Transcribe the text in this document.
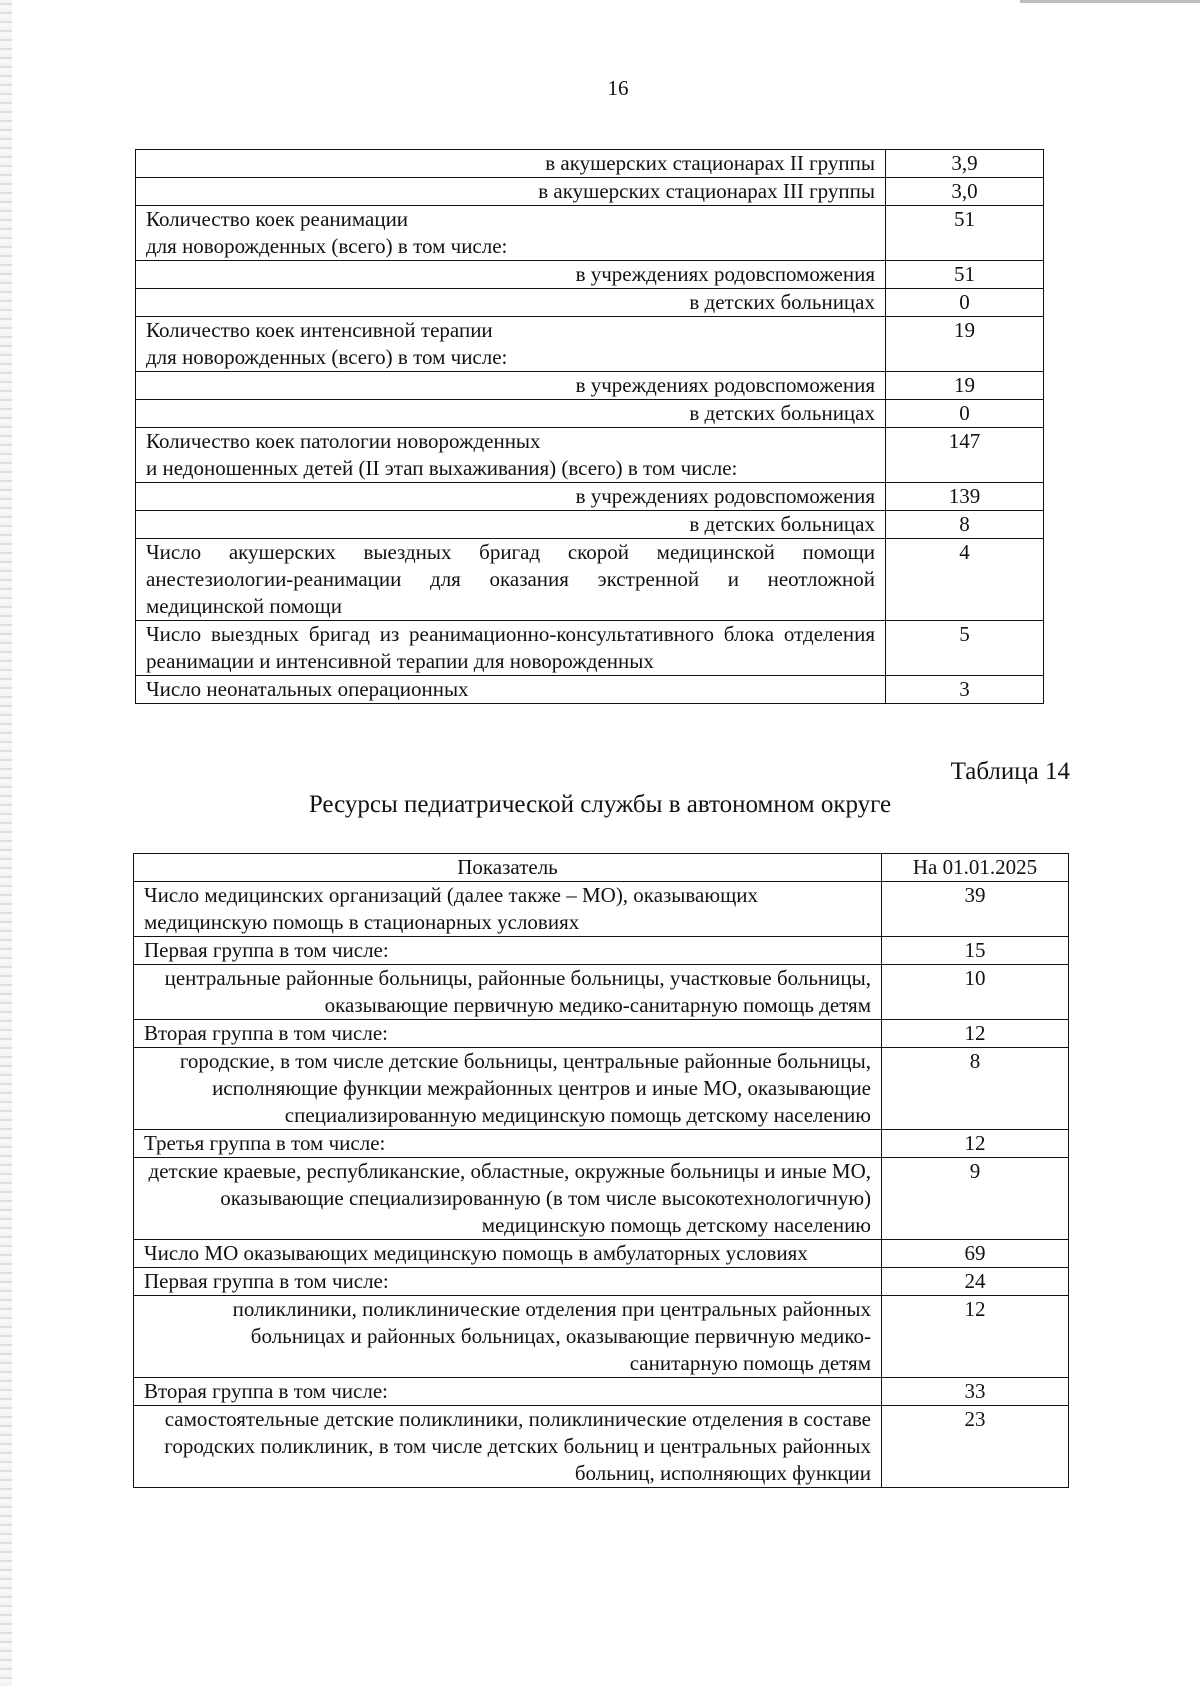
16
в акушерских стационарах II группы	3,9
в акушерских стационарах III группы	3,0
Количество коек реанимации
для новорожденных (всего) в том числе:	51
в учреждениях родовспоможения	51
в детских больницах	0
Количество коек интенсивной терапии
для новорожденных (всего) в том числе:	19
в учреждениях родовспоможения	19
в детских больницах	0
Количество коек патологии новорожденных
и недоношенных детей (II этап выхаживания) (всего) в том числе:	147
в учреждениях родовспоможения	139
в детских больницах	8
Число акушерских выездных бригад скорой медицинской помощи анестезиологии-реанимации для оказания экстренной и неотложной медицинской помощи	4
Число выездных бригад из реанимационно-консультативного блока отделения реанимации и интенсивной терапии для новорожденных	5
Число неонатальных операционных	3
Таблица 14
Ресурсы педиатрической службы в автономном округе
Показатель	На 01.01.2025
Число медицинских организаций (далее также – МО), оказывающих медицинскую помощь в стационарных условиях	39
Первая группа в том числе:	15
центральные районные больницы, районные больницы, участковые больницы, оказывающие первичную медико-санитарную помощь детям	10
Вторая группа в том числе:	12
городские, в том числе детские больницы, центральные районные больницы, исполняющие функции межрайонных центров и иные МО, оказывающие специализированную медицинскую помощь детскому населению	8
Третья группа в том числе:	12
детские краевые, республиканские, областные, окружные больницы и иные МО, оказывающие специализированную (в том числе высокотехнологичную) медицинскую помощь детскому населению	9
Число МО оказывающих медицинскую помощь в амбулаторных условиях	69
Первая группа в том числе:	24
поликлиники, поликлинические отделения при центральных районных больницах и районных больницах, оказывающие первичную медико-санитарную помощь детям	12
Вторая группа в том числе:	33
самостоятельные детские поликлиники, поликлинические отделения в составе городских поликлиник, в том числе детских больниц и центральных районных больниц, исполняющих функции	23
